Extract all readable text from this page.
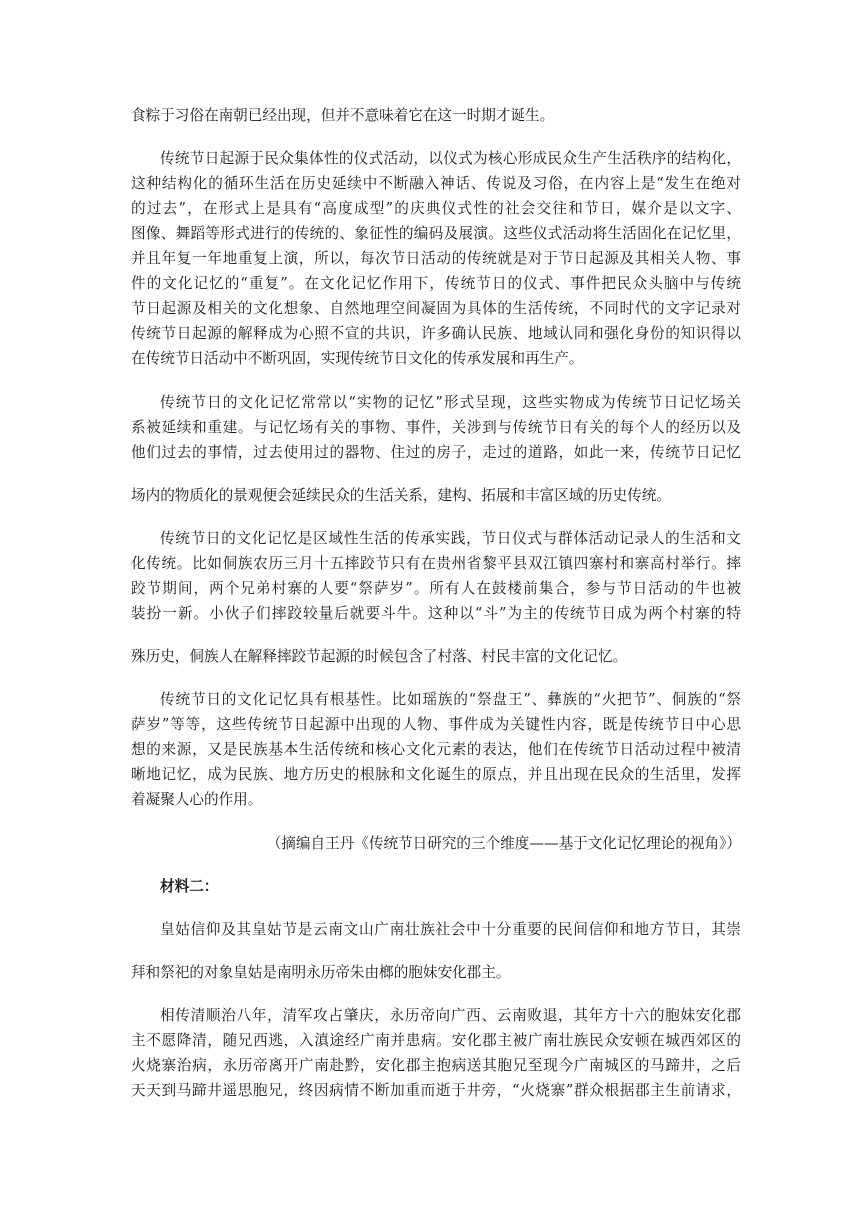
食粽于习俗在南朝已经出现，但并不意味着它在这一时期才诞生。
传统节日起源于民众集体性的仪式活动，以仪式为核心形成民众生产生活秩序的结构化，
这种结构化的循环生活在历史延续中不断融入神话、传说及习俗，在内容上是“发生在绝对
的过去”，在形式上是具有“高度成型”的庆典仪式性的社会交往和节日，媒介是以文字、
图像、舞蹈等形式进行的传统的、象征性的编码及展演。这些仪式活动将生活固化在记忆里，
并且年复一年地重复上演，所以，每次节日活动的传统就是对于节日起源及其相关人物、事
件的文化记忆的“重复”。在文化记忆作用下，传统节日的仪式、事件把民众头脑中与传统
节日起源及相关的文化想象、自然地理空间凝固为具体的生活传统，不同时代的文字记录对
传统节日起源的解释成为心照不宣的共识，许多确认民族、地域认同和强化身份的知识得以
在传统节日活动中不断巩固，实现传统节日文化的传承发展和再生产。
传统节日的文化记忆常常以“实物的记忆”形式呈现，这些实物成为传统节日记忆场关
系被延续和重建。与记忆场有关的事物、事件，关涉到与传统节日有关的每个人的经历以及
他们过去的事情，过去使用过的器物、住过的房子，走过的道路，如此一来，传统节日记忆
场内的物质化的景观便会延续民众的生活关系，建构、拓展和丰富区域的历史传统。
传统节日的文化记忆是区域性生活的传承实践，节日仪式与群体活动记录人的生活和文
化传统。比如侗族农历三月十五摔跤节只有在贵州省黎平县双江镇四寨村和寨高村举行。摔
跤节期间，两个兄弟村寨的人要“祭萨岁”。所有人在鼓楼前集合，参与节日活动的牛也被
装扮一新。小伙子们摔跤较量后就要斗牛。这种以“斗”为主的传统节日成为两个村寨的特
殊历史，侗族人在解释摔跤节起源的时候包含了村落、村民丰富的文化记忆。
传统节日的文化记忆具有根基性。比如瑶族的“祭盘王”、彝族的“火把节”、侗族的“祭
萨岁”等等，这些传统节日起源中出现的人物、事件成为关键性内容，既是传统节日中心思
想的来源，又是民族基本生活传统和核心文化元素的表达，他们在传统节日活动过程中被清
晰地记忆，成为民族、地方历史的根脉和文化诞生的原点，并且出现在民众的生活里，发挥
着凝聚人心的作用。
（摘编自王丹《传统节日研究的三个维度——基于文化记忆理论的视角》）
材料二：
皇姑信仰及其皇姑节是云南文山广南壮族社会中十分重要的民间信仰和地方节日，其崇
拜和祭祀的对象皇姑是南明永历帝朱由榔的胞妹安化郡主。
相传清顺治八年，清军攻占肇庆，永历帝向广西、云南败退，其年方十六的胞妹安化郡
主不愿降清，随兄西逃，入滇途经广南并患病。安化郡主被广南壮族民众安顿在城西郊区的
火烧寨治病，永历帝离开广南赴黔，安化郡主抱病送其胞兄至现今广南城区的马蹄井，之后
天天到马蹄井遥思胞兄，终因病情不断加重而逝于井旁，“火烧寨”群众根据郡主生前请求，
